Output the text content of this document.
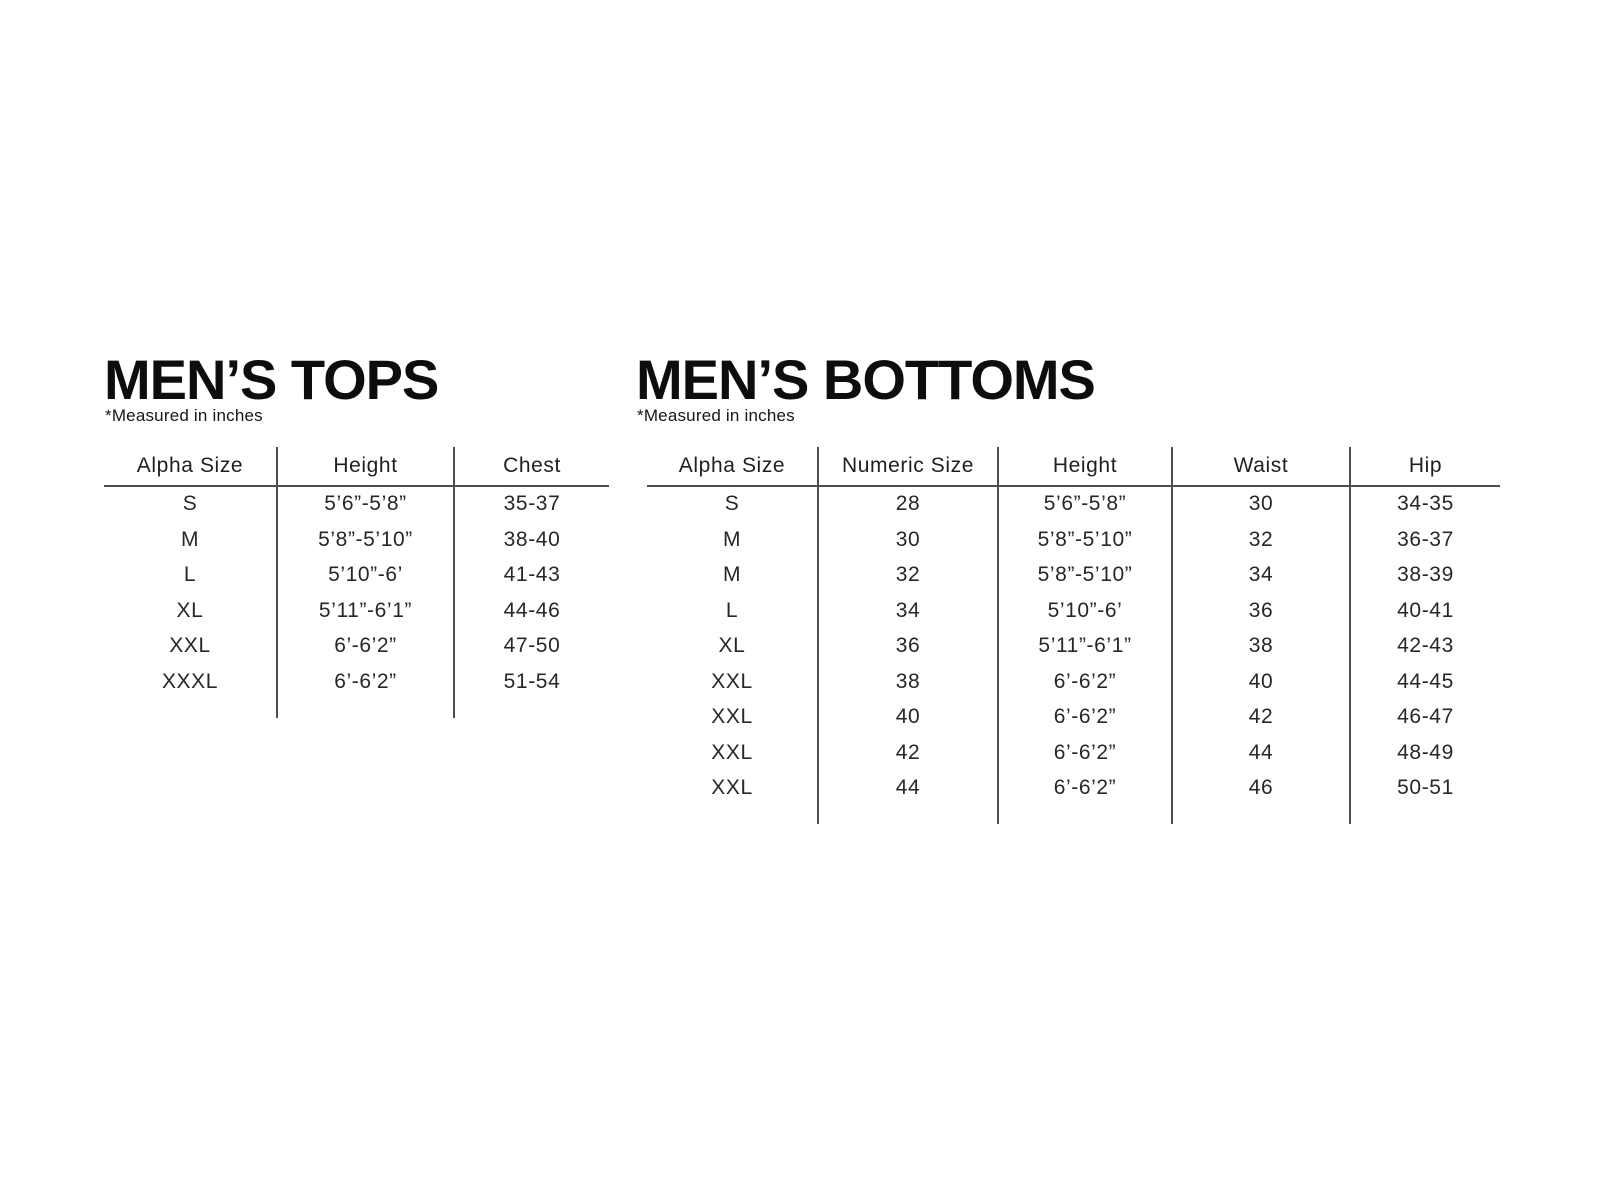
MEN’S TOPS

*Measured in inches

Alpha Size	Height	Chest
S	5’6”-5’8”	35-37
M	5’8”-5’10”	38-40
L	5’10”-6’	41-43
XL	5’11”-6’1”	44-46
XXL	6’-6’2”	47-50
XXXL	6’-6’2”	51-54

MEN’S BOTTOMS

*Measured in inches

Alpha Size	Numeric Size	Height	Waist	Hip
S	28	5’6”-5’8”	30	34-35
M	30	5’8”-5’10”	32	36-37
M	32	5’8”-5’10”	34	38-39
L	34	5’10”-6’	36	40-41
XL	36	5’11”-6’1”	38	42-43
XXL	38	6’-6’2”	40	44-45
XXL	40	6’-6’2”	42	46-47
XXL	42	6’-6’2”	44	48-49
XXL	44	6’-6’2”	46	50-51
